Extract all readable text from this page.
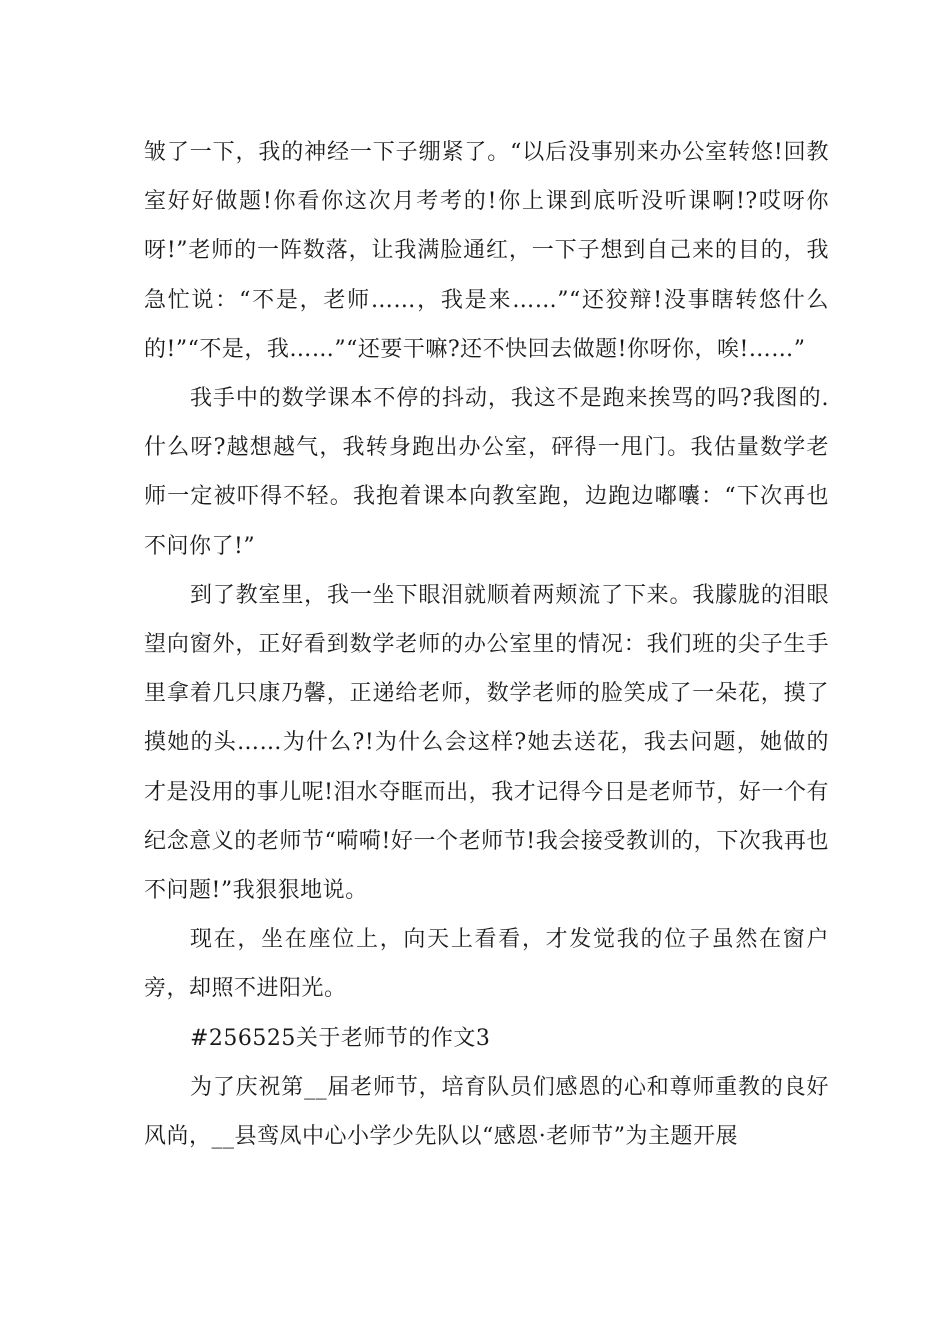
皱了一下，我的神经一下子绷紧了。“以后没事别来办公室转悠!回教室好好做题!你看你这次月考考的!你上课到底听没听课啊!?哎呀你呀!”老师的一阵数落，让我满脸通红，一下子想到自己来的目的，我急忙说：“不是，老师……，我是来……”“还狡辩!没事瞎转悠什么的!”“不是，我……”“还要干嘛?还不快回去做题!你呀你，唉!……”

我手中的数学课本不停的抖动，我这不是跑来挨骂的吗?我图的.什么呀?越想越气，我转身跑出办公室，砰得一甩门。我估量数学老师一定被吓得不轻。我抱着课本向教室跑，边跑边嘟囔：“下次再也不问你了!”

到了教室里，我一坐下眼泪就顺着两颊流了下来。我朦胧的泪眼望向窗外，正好看到数学老师的办公室里的情况：我们班的尖子生手里拿着几只康乃馨，正递给老师，数学老师的脸笑成了一朵花，摸了摸她的头……为什么?!为什么会这样?她去送花，我去问题，她做的才是没用的事儿呢!泪水夺眶而出，我才记得今日是老师节，好一个有纪念意义的老师节“嗬嗬!好一个老师节!我会接受教训的，下次我再也不问题!”我狠狠地说。

现在，坐在座位上，向天上看看，才发觉我的位子虽然在窗户旁，却照不进阳光。

#256525关于老师节的作文3

为了庆祝第__届老师节，培育队员们感恩的心和尊师重教的良好风尚，__县鸾凤中心小学少先队以“感恩·老师节”为主题开展
